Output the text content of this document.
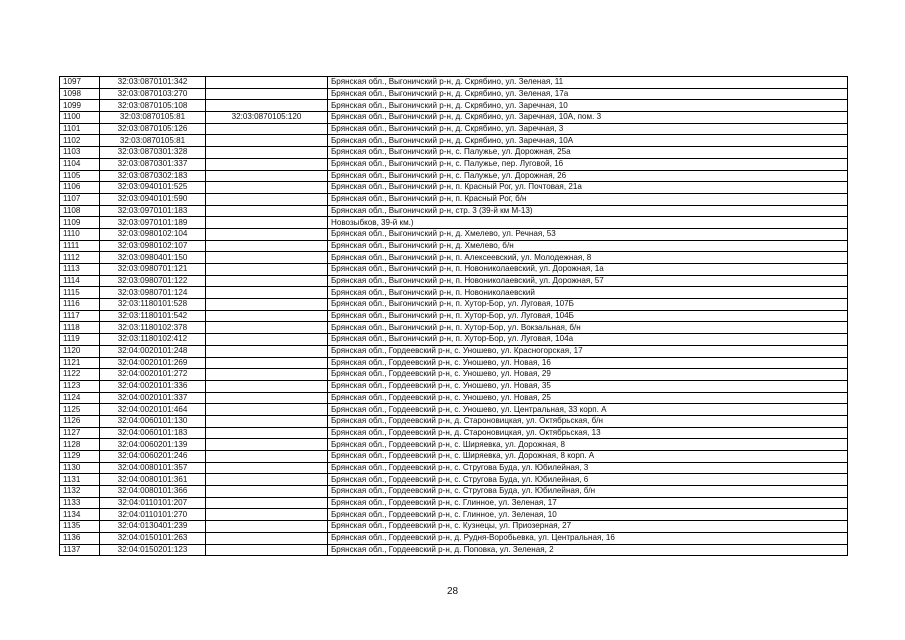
1097	32:03:0870101:342		Брянская обл., Выгоничский р-н, д. Скрябино, ул. Зеленая, 11
1098	32:03:0870103:270		Брянская обл., Выгоничский р-н, д. Скрябино, ул. Зеленая, 17а
1099	32:03:0870105:108		Брянская обл., Выгоничский р-н, д. Скрябино, ул. Заречная, 10
1100	32:03:0870105:81	32:03:0870105:120	Брянская обл., Выгоничский р-н, д. Скрябино, ул. Заречная, 10А, пом. 3
1101	32:03:0870105:126		Брянская обл., Выгоничский р-н, д. Скрябино, ул. Заречная, 3
1102	32:03:0870105:81		Брянская обл., Выгоничский р-н, д. Скрябино, ул. Заречная, 10А
1103	32:03:0870301:328		Брянская обл., Выгоничский р-н, с. Палужье, ул. Дорожная, 25а
1104	32:03:0870301:337		Брянская обл., Выгоничский р-н, с. Палужье, пер. Луговой, 16
1105	32:03:0870302:183		Брянская обл., Выгоничский р-н, с. Палужье, ул. Дорожная, 26
1106	32:03:0940101:525		Брянская обл., Выгоничский р-н, п. Красный Рог, ул. Почтовая, 21а
1107	32:03:0940101:590		Брянская обл., Выгоничский р-н, п. Красный Рог, б/н
1108	32:03:0970101:183		Брянская обл., Выгоничский р-н, стр. 3 (39-й км М-13)
1109	32:03:0970101:189		Новозыбков, 39-й км.)
1110	32:03:0980102:104		Брянская обл., Выгоничский р-н, д. Хмелево, ул. Речная, 53
1111	32:03:0980102:107		Брянская обл., Выгоничский р-н, д. Хмелево, б/н
1112	32:03:0980401:150		Брянская обл., Выгоничский р-н, п. Алексеевский, ул. Молодежная, 8
1113	32:03:0980701:121		Брянская обл., Выгоничский р-н, п. Новониколаевский, ул. Дорожная, 1а
1114	32:03:0980701:122		Брянская обл., Выгоничский р-н, п. Новониколаевский, ул. Дорожная, 57
1115	32:03:0980701:124		Брянская обл., Выгоничский р-н, п. Новониколаевский
1116	32:03:1180101:528		Брянская обл., Выгоничский р-н, п. Хутор-Бор, ул. Луговая, 107Б
1117	32:03:1180101:542		Брянская обл., Выгоничский р-н, п. Хутор-Бор, ул. Луговая, 104Б
1118	32:03:1180102:378		Брянская обл., Выгоничский р-н, п. Хутор-Бор, ул. Вокзальная, б/н
1119	32:03:1180102:412		Брянская обл., Выгоничский р-н, п. Хутор-Бор, ул. Луговая, 104а
1120	32:04:0020101:248		Брянская обл., Гордеевский р-н, с. Уношево, ул. Красногорская, 17
1121	32:04:0020101:269		Брянская обл., Гордеевский р-н, с. Уношево, ул. Новая, 16
1122	32:04:0020101:272		Брянская обл., Гордеевский р-н, с. Уношево, ул. Новая, 29
1123	32:04:0020101:336		Брянская обл., Гордеевский р-н, с. Уношево, ул. Новая, 35
1124	32:04:0020101:337		Брянская обл., Гордеевский р-н, с. Уношево, ул. Новая, 25
1125	32:04:0020101:464		Брянская обл., Гордеевский р-н, с. Уношево, ул. Центральная, 33 корп. А
1126	32:04:0060101:130		Брянская обл., Гордеевский р-н, д. Староновицкая, ул. Октябрьская, б/н
1127	32:04:0060101:183		Брянская обл., Гордеевский р-н, д. Староновицкая, ул. Октябрьская, 13
1128	32:04:0060201:139		Брянская обл., Гордеевский р-н, с. Ширяевка, ул. Дорожная, 8
1129	32:04:0060201:246		Брянская обл., Гордеевский р-н, с. Ширяевка, ул. Дорожная, 8 корп. А
1130	32:04:0080101:357		Брянская обл., Гордеевский р-н, с. Стругова Буда, ул. Юбилейная, 3
1131	32:04:0080101:361		Брянская обл., Гордеевский р-н, с. Стругова Буда, ул. Юбилейная, 6
1132	32:04:0080101:366		Брянская обл., Гордеевский р-н, с. Стругова Буда, ул. Юбилейная, б/н
1133	32:04:0110101:207		Брянская обл., Гордеевский р-н, с. Глинное, ул. Зеленая, 17
1134	32:04:0110101:270		Брянская обл., Гордеевский р-н, с. Глинное, ул. Зеленая, 10
1135	32:04:0130401:239		Брянская обл., Гордеевский р-н, с. Кузнецы, ул. Приозерная, 27
1136	32:04:0150101:263		Брянская обл., Гордеевский р-н, д. Рудня-Воробьевка, ул. Центральная, 16
1137	32:04:0150201:123		Брянская обл., Гордеевский р-н, д. Поповка, ул. Зеленая, 2
28
